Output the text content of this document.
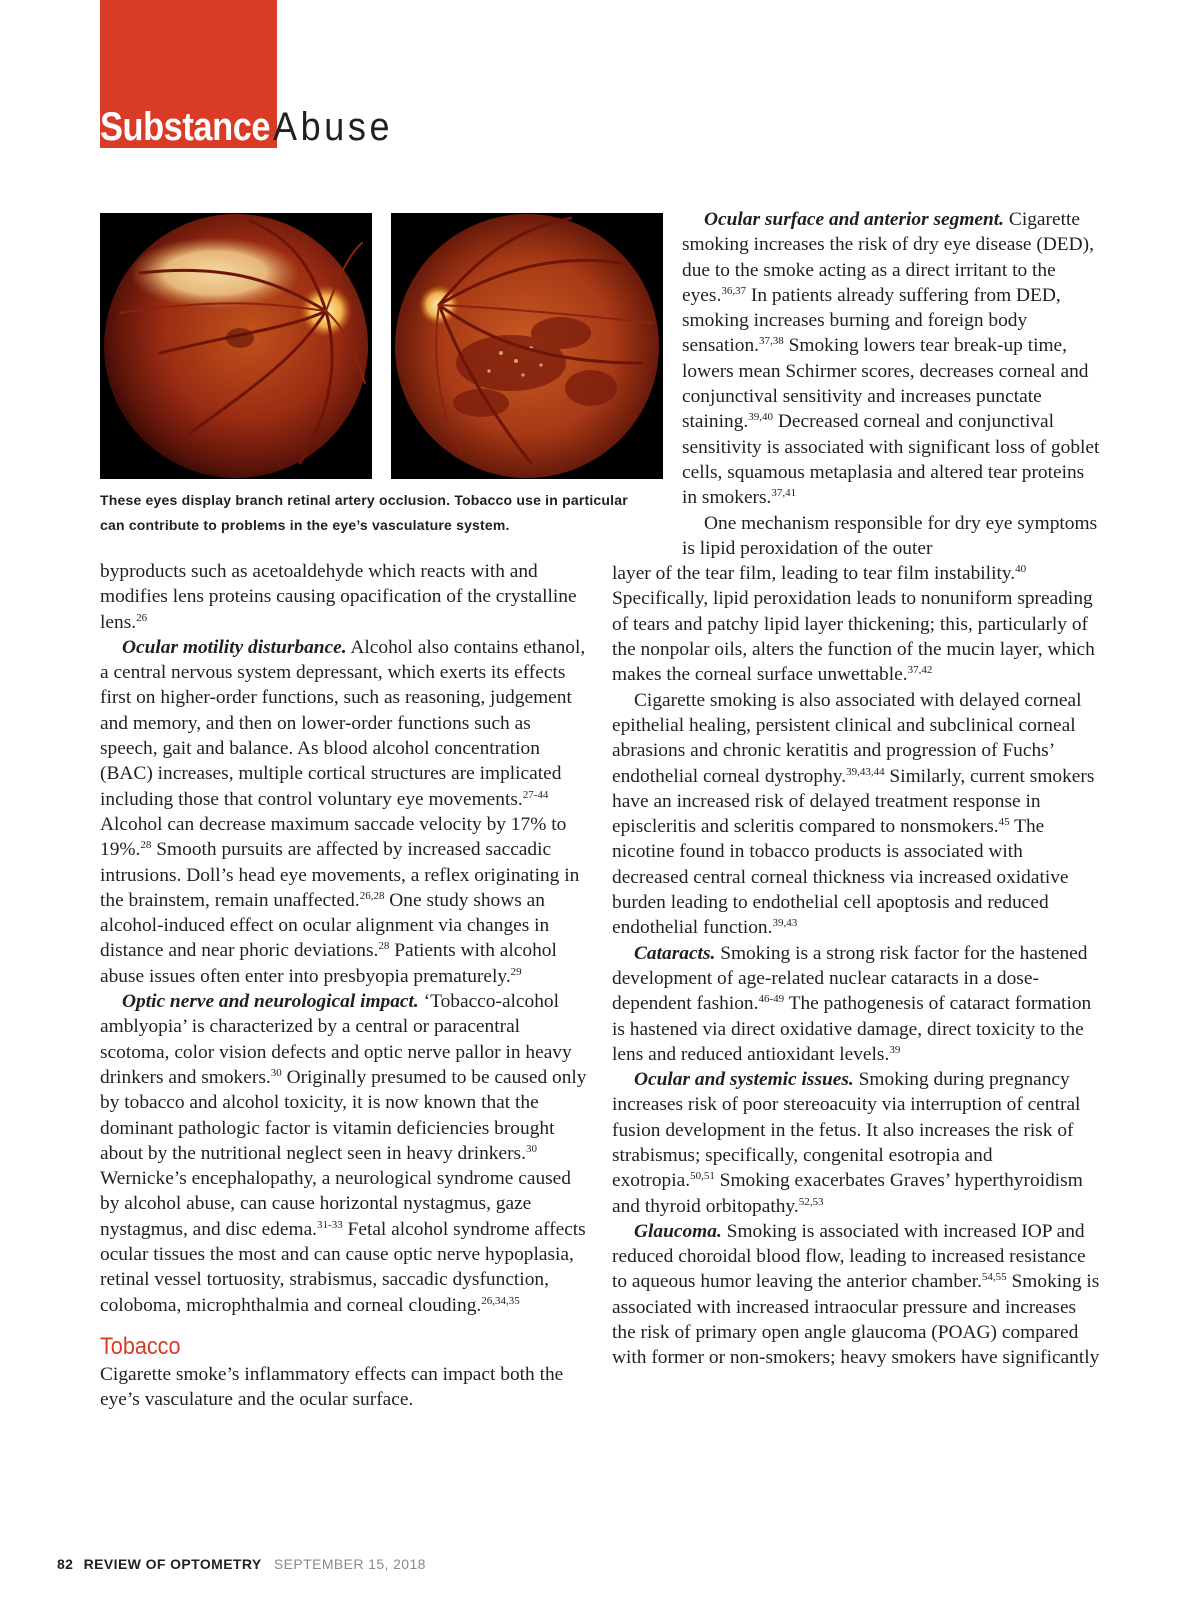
Substance Abuse
These eyes display branch retinal artery occlusion. Tobacco use in particular can contribute to problems in the eye’s vasculature system.

byproducts such as acetoaldehyde which reacts with and modifies lens proteins causing opacification of the crystalline lens.$^{26}$

Ocular motility disturbance. Alcohol also contains ethanol, a central nervous system depressant, which exerts its effects first on higher-order functions, such as reasoning, judgement and memory, and then on lower-order functions such as speech, gait and balance. As blood alcohol concentration (BAC) increases, multiple cortical structures are implicated including those that control voluntary eye movements.$^{27-44}$ Alcohol can decrease maximum saccade velocity by 17% to 19%.$^{28}$ Smooth pursuits are affected by increased saccadic intrusions. Doll’s head eye movements, a reflex originating in the brainstem, remain unaffected.$^{26,28}$ One study shows an alcohol-induced effect on ocular alignment via changes in distance and near phoric deviations.$^{28}$ Patients with alcohol abuse issues often enter into presbyopia prematurely.$^{29}$

Optic nerve and neurological impact. ‘Tobacco-alcohol amblyopia’ is characterized by a central or paracentral scotoma, color vision defects and optic nerve pallor in heavy drinkers and smokers.$^{30}$ Originally presumed to be caused only by tobacco and alcohol toxicity, it is now known that the dominant pathologic factor is vitamin deficiencies brought about by the nutritional neglect seen in heavy drinkers.$^{30}$ Wernicke’s encephalopathy, a neurological syndrome caused by alcohol abuse, can cause horizontal nystagmus, gaze nystagmus, and disc edema.$^{31-33}$ Fetal alcohol syndrome affects ocular tissues the most and can cause optic nerve hypoplasia, retinal vessel tortuosity, strabismus, saccadic dysfunction, coloboma, microphthalmia and corneal clouding.$^{26,34,35}$

Tobacco

Cigarette smoke’s inflammatory effects can impact both the eye’s vasculature and the ocular surface.

Ocular surface and anterior segment. Cigarette smoking increases the risk of dry eye disease (DED), due to the smoke acting as a direct irritant to the eyes.$^{36,37}$ In patients already suffering from DED, smoking increases burning and foreign body sensation.$^{37,38}$ Smoking lowers tear break-up time, lowers mean Schirmer scores, decreases corneal and conjunctival sensitivity and increases punctate staining.$^{39,40}$ Decreased corneal and conjunctival sensitivity is associated with significant loss of goblet cells, squamous metaplasia and altered tear proteins in smokers.$^{37,41}$

One mechanism responsible for dry eye symptoms is lipid peroxidation of the outer

layer of the tear film, leading to tear film instability.$^{40}$ Specifically, lipid peroxidation leads to nonuniform spreading of tears and patchy lipid layer thickening; this, particularly of the nonpolar oils, alters the function of the mucin layer, which makes the corneal surface unwettable.$^{37,42}$

Cigarette smoking is also associated with delayed corneal epithelial healing, persistent clinical and subclinical corneal abrasions and chronic keratitis and progression of Fuchs’ endothelial corneal dystrophy.$^{39,43,44}$ Similarly, current smokers have an increased risk of delayed treatment response in episcleritis and scleritis compared to nonsmokers.$^{45}$ The nicotine found in tobacco products is associated with decreased central corneal thickness via increased oxidative burden leading to endothelial cell apoptosis and reduced endothelial function.$^{39,43}$

Cataracts. Smoking is a strong risk factor for the hastened development of age-related nuclear cataracts in a dose-dependent fashion.$^{46-49}$ The pathogenesis of cataract formation is hastened via direct oxidative damage, direct toxicity to the lens and reduced antioxidant levels.$^{39}$

Ocular and systemic issues. Smoking during pregnancy increases risk of poor stereoacuity via interruption of central fusion development in the fetus. It also increases the risk of strabismus; specifically, congenital esotropia and exotropia.$^{50,51}$ Smoking exacerbates Graves’ hyperthyroidism and thyroid orbitopathy.$^{52,53}$

Glaucoma. Smoking is associated with increased IOP and reduced choroidal blood flow, leading to increased resistance to aqueous humor leaving the anterior chamber.$^{54,55}$ Smoking is associated with increased intraocular pressure and increases the risk of primary open angle glaucoma (POAG) compared with former or non-smokers; heavy smokers have significantly

82 REVIEW OF OPTOMETRY SEPTEMBER 15, 2018
